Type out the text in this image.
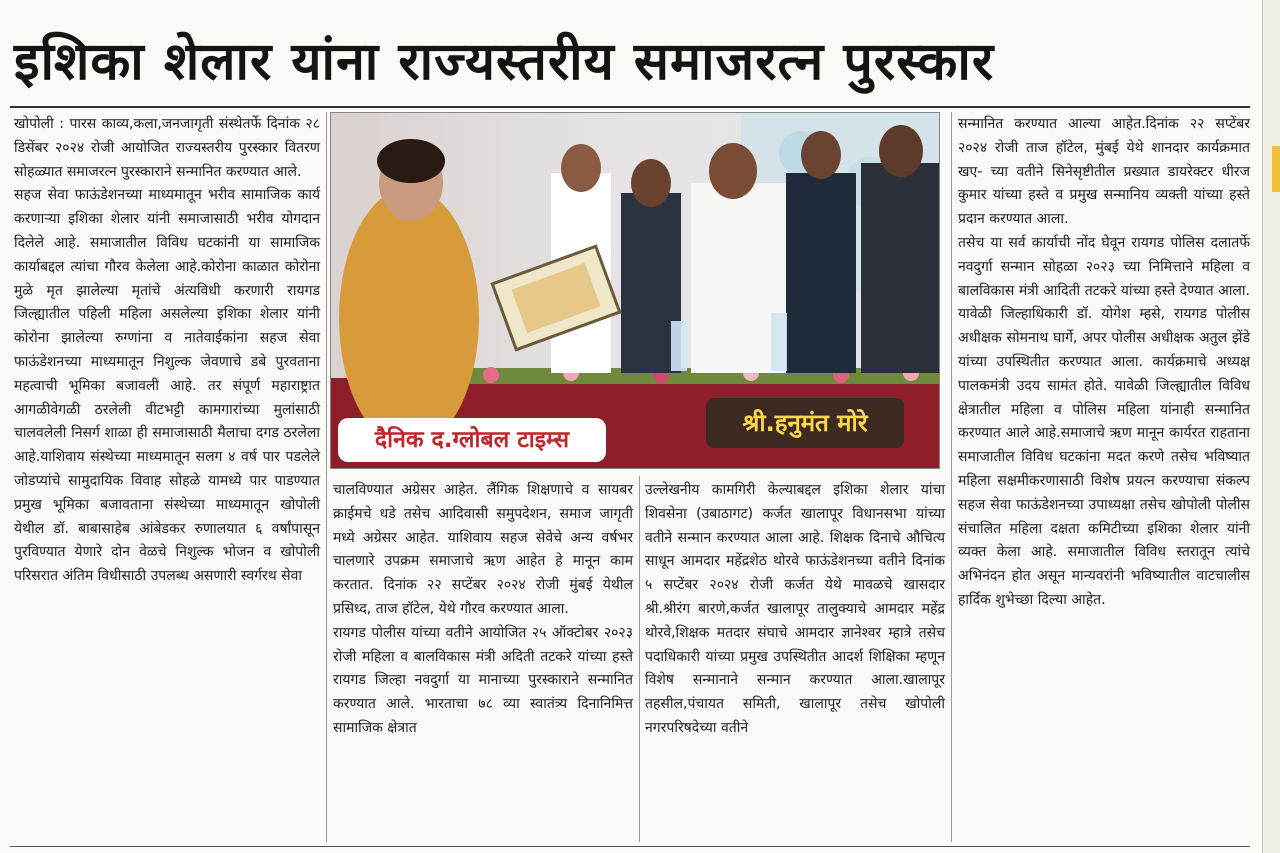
इशिका शेलार यांना राज्यस्तरीय समाजरत्न पुरस्कार

खोपोली : पारस काव्य,कला,जनजागृती संस्थेतर्फे दिनांक २८ डिसेंबर २०२४ रोजी आयोजित राज्यस्तरीय पुरस्कार वितरण सोहळ्यात समाजरत्न पुरस्काराने सन्मानित करण्यात आले.

सहज सेवा फाऊंडेशनच्या माध्यमातून भरीव सामाजिक कार्य करणाऱ्या इशिका शेलार यांनी समाजासाठी भरीव योगदान दिलेले आहे. समाजातील विविध घटकांनी या सामाजिक कार्याबद्दल त्यांचा गौरव केलेला आहे.कोरोना काळात कोरोना मुळे मृत झालेल्या मृतांचे अंत्यविधी करणारी रायगड जिल्ह्यातील पहिली महिला असलेल्या इशिका शेलार यांनी कोरोना झालेल्या रुग्णांना व नातेवाईकांना सहज सेवा फाऊंडेशनच्या माध्यमातून निशुल्क जेवणाचे डबे पुरवताना महत्वाची भूमिका बजावली आहे. तर संपूर्ण महाराष्ट्रात आगळीवेगळी ठरलेली वीटभट्टी कामगारांच्या मुलांसाठी चालवलेली निसर्ग शाळा ही समाजासाठी मैलाचा दगड ठरलेला आहे.याशिवाय संस्थेच्या माध्यमातून सलग ४ वर्ष पार पडलेले जोडप्यांचे सामुदायिक विवाह सोहळे यामध्ये पार पाडण्यात प्रमुख भूमिका बजावताना संस्थेच्या माध्यमातून खोपोली येथील डॉ. बाबासाहेब आंबेडकर रुणालयात ६ वर्षांपासून पुरविण्यात येणारे दोन वेळचे निशुल्क भोजन व खोपोली परिसरात अंतिम विधीसाठी उपलब्ध असणारी स्वर्गरथ सेवा

दैनिक द.ग्लोबल टाइम्स
श्री.हनुमंत मोरे

चालविण्यात अग्रेसर आहेत. लैंगिक शिक्षणाचे व सायबर क्राईमचे धडे तसेच आदिवासी समुपदेशन, समाज जागृती मध्ये अग्रेसर आहेत. याशिवाय सहज सेवेचे अन्य वर्षभर चालणारे उपक्रम समाजाचे ऋण आहेत हे मानून काम करतात. दिनांक २२ सप्टेंबर २०२४ रोजी मुंबई येथील प्रसिध्द, ताज हॉटेल, येथे गौरव करण्यात आला.

रायगड पोलीस यांच्या वतीने आयोजित २५ ऑक्टोबर २०२३ रोजी महिला व बालविकास मंत्री अदिती तटकरे यांच्या हस्ते रायगड जिल्हा नवदुर्गा या मानाच्या पुरस्काराने सन्मानित करण्यात आले. भारताचा ७८ व्या स्वातंत्र्य दिनानिमित्त सामाजिक क्षेत्रात

उल्लेखनीय कामगिरी केल्याबद्दल इशिका शेलार यांचा शिवसेना (उबाठागट) कर्जत खालापूर विधानसभा यांच्या वतीने सन्मान करण्यात आला आहे. शिक्षक दिनाचे औचित्य साधून आमदार महेंद्रशेठ थोरवे फाऊंडेशनच्या वतीने दिनांक ५ सप्टेंबर २०२४ रोजी कर्जत येथे मावळचे खासदार श्री.श्रीरंग बारणे,कर्जत खालापूर तालुक्याचे आमदार महेंद्र थोरवे,शिक्षक मतदार संघाचे आमदार ज्ञानेश्वर म्हात्रे तसेच पदाधिकारी यांच्या प्रमुख उपस्थितीत आदर्श शिक्षिका म्हणून विशेष सन्मानाने सन्मान करण्यात आला.खालापूर तहसील,पंचायत समिती, खालापूर तसेच खोपोली नगरपरिषदेच्या वतीने

सन्मानित करण्यात आल्या आहेत.दिनांक २२ सप्टेंबर २०२४ रोजी ताज हॉटेल, मुंबई येथे शानदार कार्यक्रमात खए- च्या वतीने सिनेसृष्टीतील प्रख्यात डायरेक्टर धीरज कुमार यांच्या हस्ते व प्रमुख सन्मानिय व्यक्ती यांच्या हस्ते प्रदान करण्यात आला.

तसेच या सर्व कार्याची नोंद घेवून रायगड पोलिस दलातर्फे नवदुर्गा सन्मान सोहळा २०२३ च्या निमित्ताने महिला व बालविकास मंत्री आदिती तटकरे यांच्या हस्ते देण्यात आला. यावेळी जिल्हाधिकारी डॉ. योगेश म्हसे, रायगड पोलीस अधीक्षक सोमनाथ घार्गे, अपर पोलीस अधीक्षक अतुल झेंडे यांच्या उपस्थितीत करण्यात आला. कार्यक्रमाचे अध्यक्ष पालकमंत्री उदय सामंत होते. यावेळी जिल्ह्यातील विविध क्षेत्रातील महिला व पोलिस महिला यांनाही सन्मानित करण्यात आले आहे.समाजाचे ऋण मानून कार्यरत राहताना समाजातील विविध घटकांना मदत करणे तसेच भविष्यात महिला सक्षमीकरणासाठी विशेष प्रयत्न करण्याचा संकल्प सहज सेवा फाऊंडेशनच्या उपाध्यक्षा तसेच खोपोली पोलीस संचालित महिला दक्षता कमिटीच्या इशिका शेलार यांनी व्यक्त केला आहे. समाजातील विविध स्तरातून त्यांचे अभिनंदन होत असून मान्यवरांनी भविष्यातील वाटचालीस हार्दिक शुभेच्छा दिल्या आहेत.
